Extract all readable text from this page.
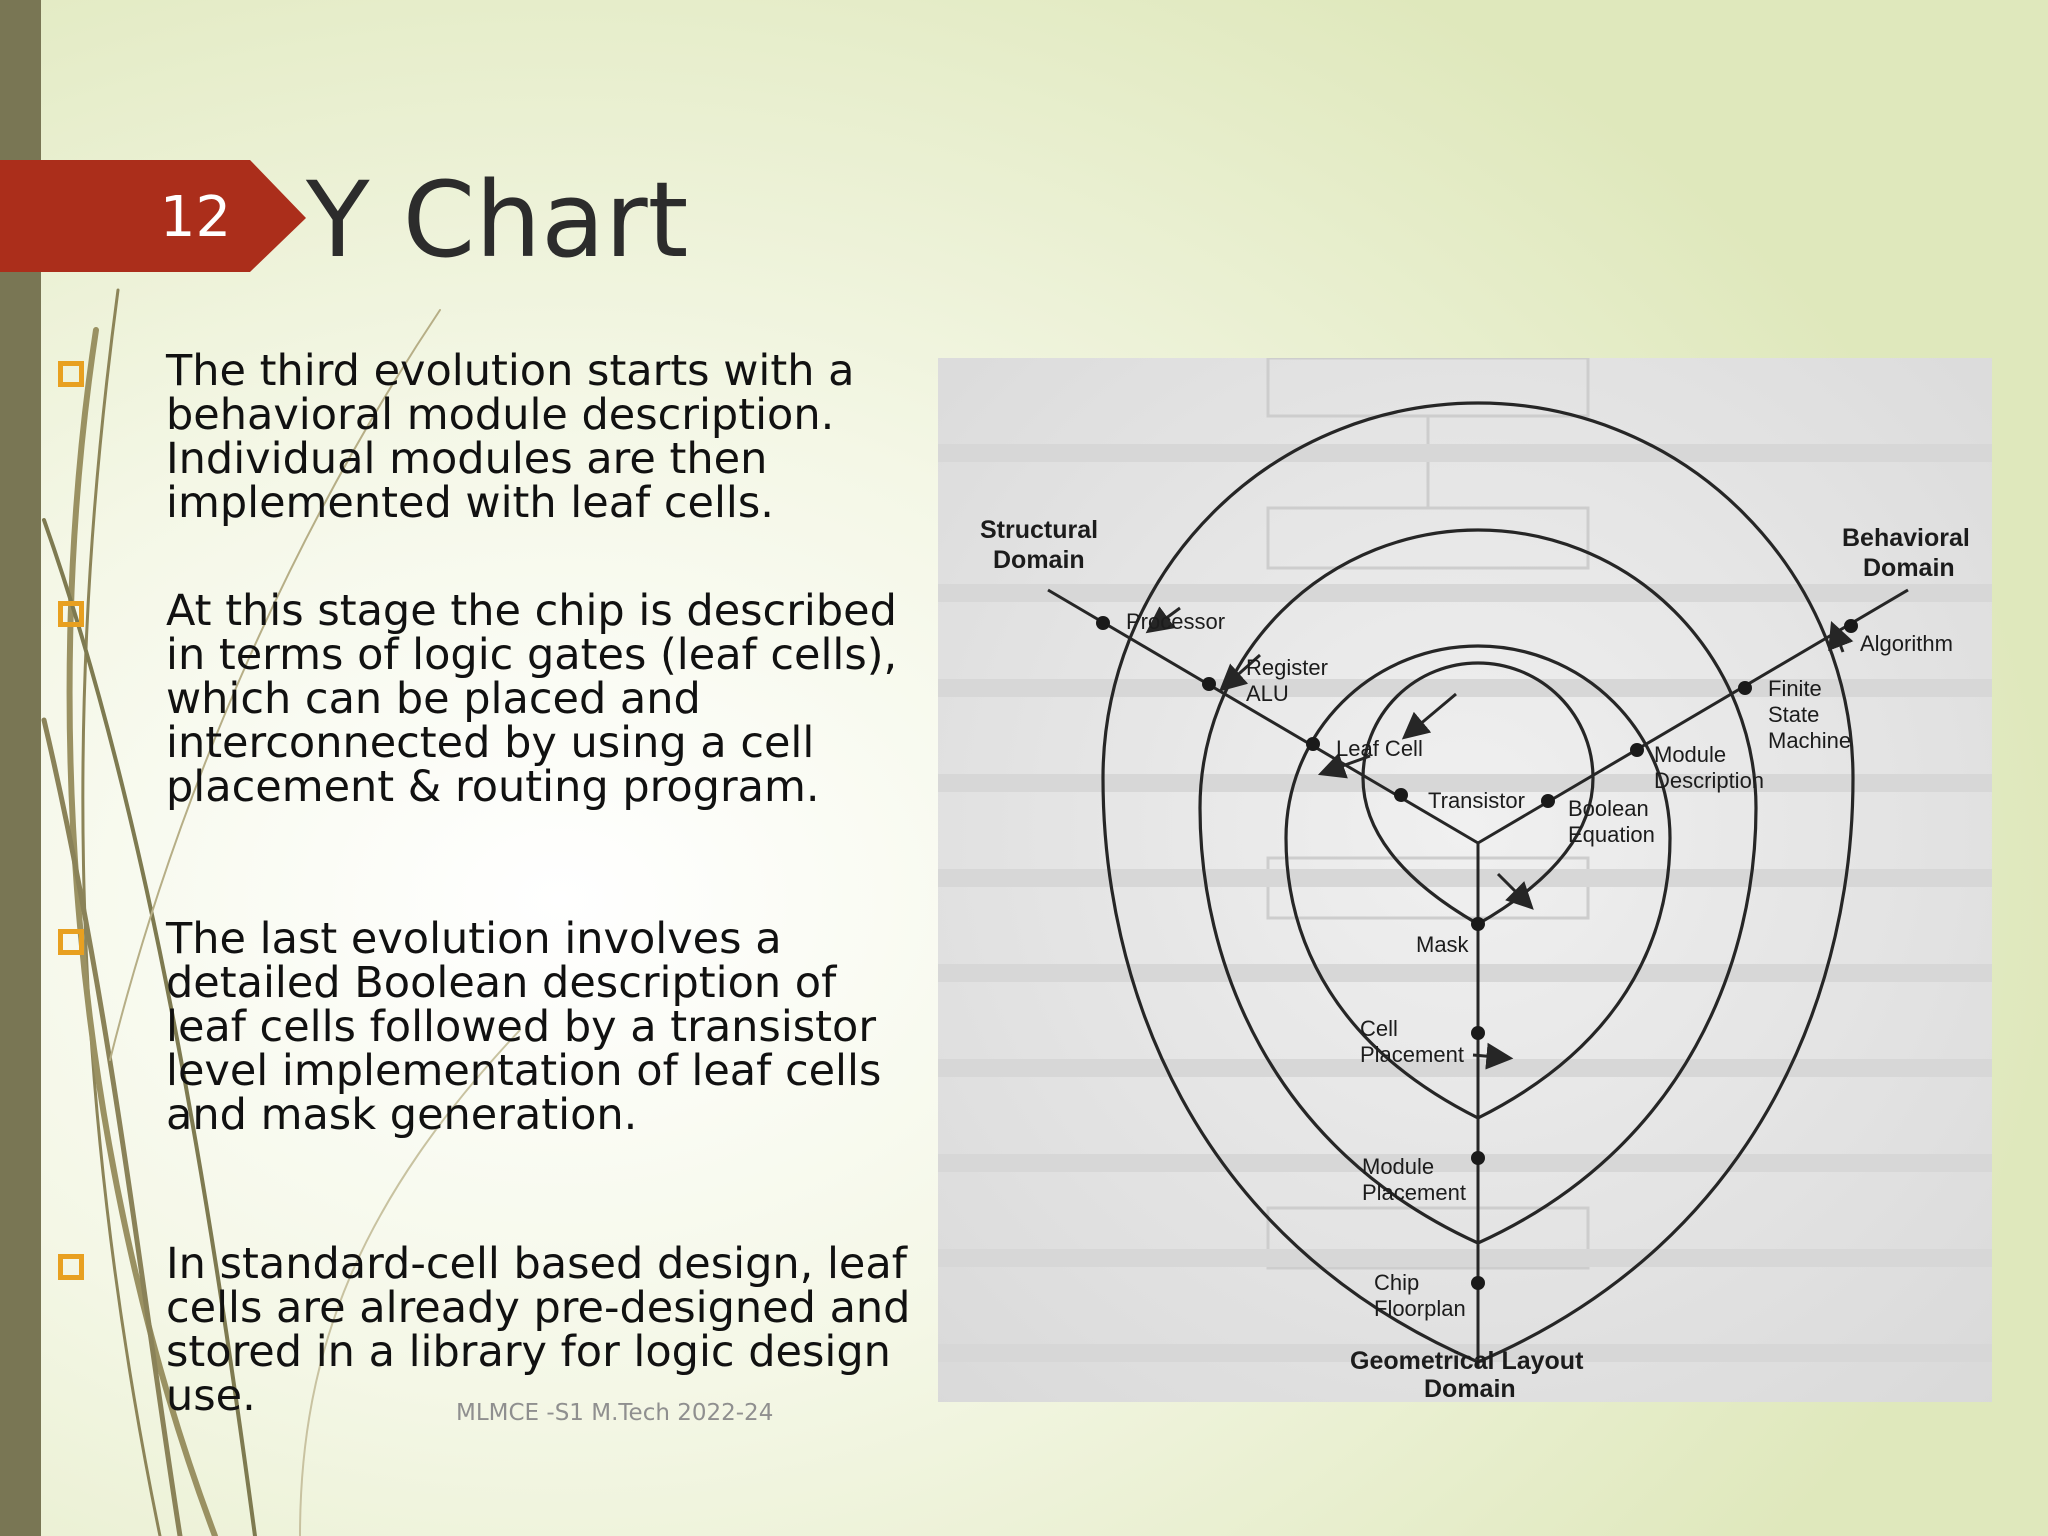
12 Y Chart

The third evolution starts with a behavioral module description. Individual modules are then implemented with leaf cells.

At this stage the chip is described in terms of logic gates (leaf cells), which can be placed and interconnected by using a cell placement & routing program.

The last evolution involves a detailed Boolean description of leaf cells followed by a transistor level implementation of leaf cells and mask generation.

In standard-cell based design, leaf cells are already pre-designed and stored in a library for logic design use.	MLMCE -S1 M.Tech 2022-24
Structural Domain
Behavioral Domain
Geometrical Layout Domain
Processor
Register ALU
Leaf Cell
Transistor
Algorithm
Finite State Machine
Module Description
Boolean Equation
Mask
Cell Placement
Module Placement
Chip Floorplan
